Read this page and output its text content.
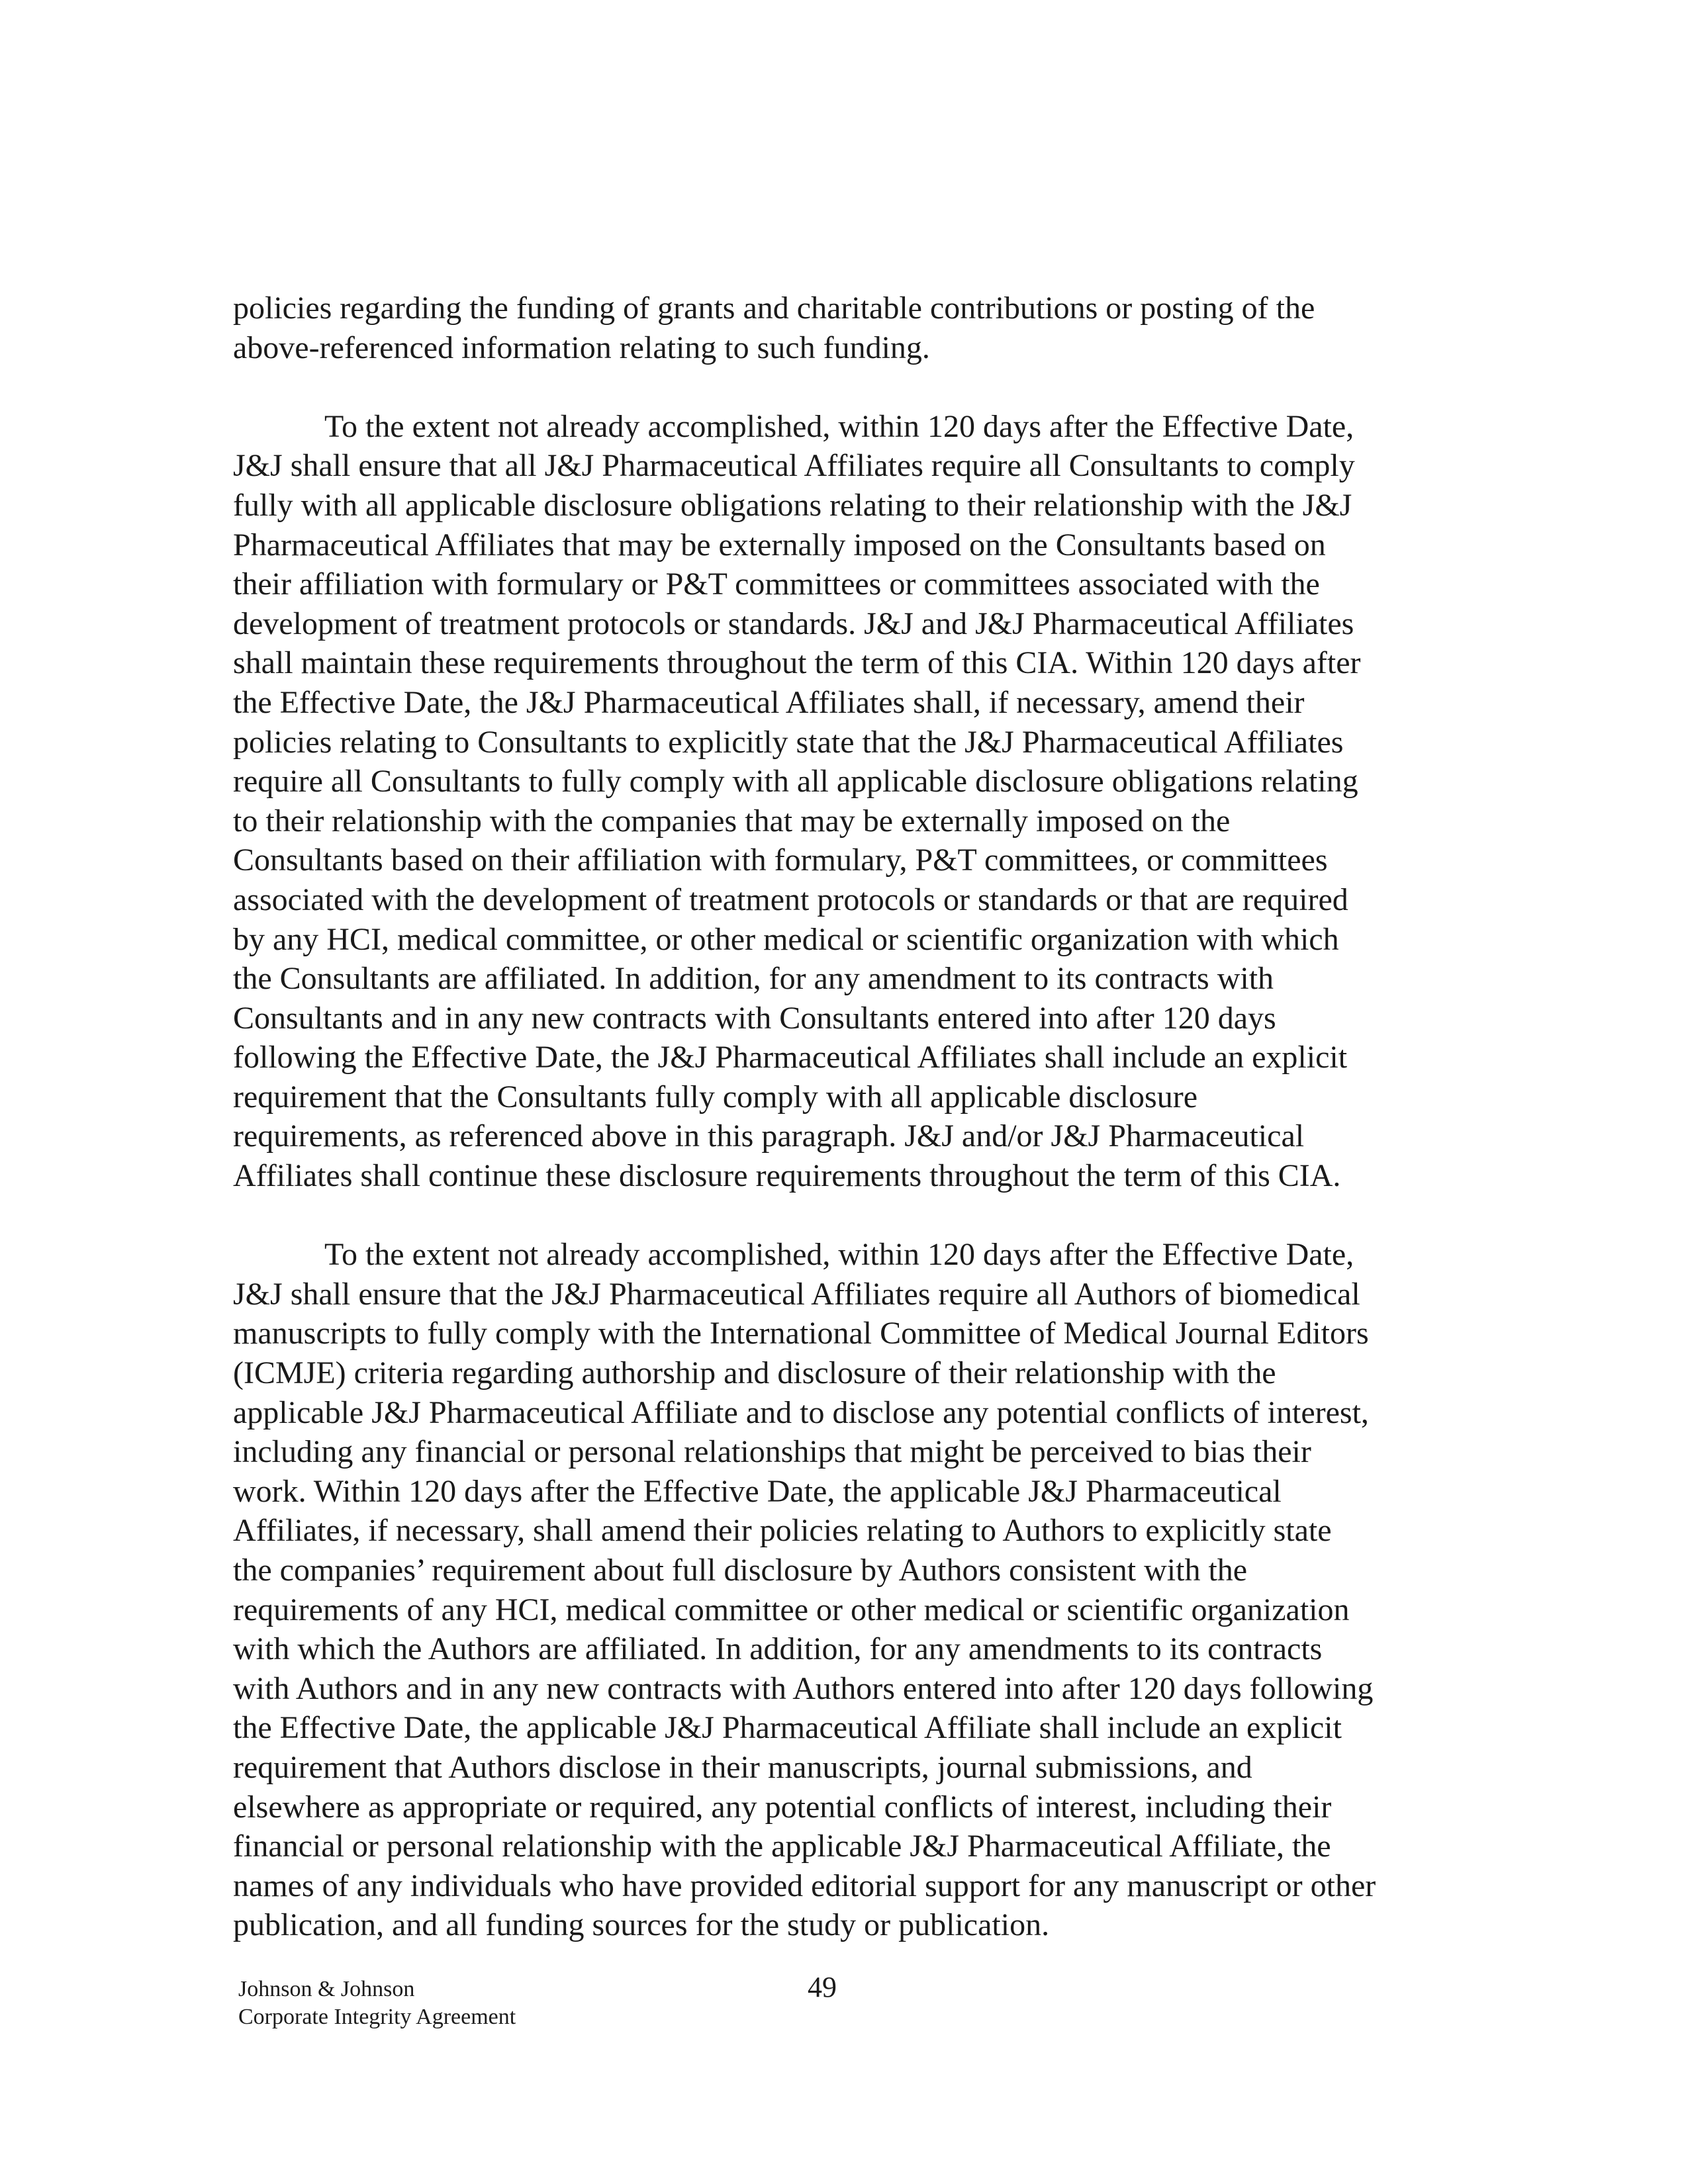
policies regarding the funding of grants and charitable contributions or posting of the
above-referenced information relating to such funding.

To the extent not already accomplished, within 120 days after the Effective Date,
J&J shall ensure that all J&J Pharmaceutical Affiliates require all Consultants to comply
fully with all applicable disclosure obligations relating to their relationship with the J&J
Pharmaceutical Affiliates that may be externally imposed on the Consultants based on
their affiliation with formulary or P&T committees or committees associated with the
development of treatment protocols or standards. J&J and J&J Pharmaceutical Affiliates
shall maintain these requirements throughout the term of this CIA. Within 120 days after
the Effective Date, the J&J Pharmaceutical Affiliates shall, if necessary, amend their
policies relating to Consultants to explicitly state that the J&J Pharmaceutical Affiliates
require all Consultants to fully comply with all applicable disclosure obligations relating
to their relationship with the companies that may be externally imposed on the
Consultants based on their affiliation with formulary, P&T committees, or committees
associated with the development of treatment protocols or standards or that are required
by any HCI, medical committee, or other medical or scientific organization with which
the Consultants are affiliated. In addition, for any amendment to its contracts with
Consultants and in any new contracts with Consultants entered into after 120 days
following the Effective Date, the J&J Pharmaceutical Affiliates shall include an explicit
requirement that the Consultants fully comply with all applicable disclosure
requirements, as referenced above in this paragraph. J&J and/or J&J Pharmaceutical
Affiliates shall continue these disclosure requirements throughout the term of this CIA.

To the extent not already accomplished, within 120 days after the Effective Date,
J&J shall ensure that the J&J Pharmaceutical Affiliates require all Authors of biomedical
manuscripts to fully comply with the International Committee of Medical Journal Editors
(ICMJE) criteria regarding authorship and disclosure of their relationship with the
applicable J&J Pharmaceutical Affiliate and to disclose any potential conflicts of interest,
including any financial or personal relationships that might be perceived to bias their
work. Within 120 days after the Effective Date, the applicable J&J Pharmaceutical
Affiliates, if necessary, shall amend their policies relating to Authors to explicitly state
the companies’ requirement about full disclosure by Authors consistent with the
requirements of any HCI, medical committee or other medical or scientific organization
with which the Authors are affiliated. In addition, for any amendments to its contracts
with Authors and in any new contracts with Authors entered into after 120 days following
the Effective Date, the applicable J&J Pharmaceutical Affiliate shall include an explicit
requirement that Authors disclose in their manuscripts, journal submissions, and
elsewhere as appropriate or required, any potential conflicts of interest, including their
financial or personal relationship with the applicable J&J Pharmaceutical Affiliate, the
names of any individuals who have provided editorial support for any manuscript or other
publication, and all funding sources for the study or publication.

Johnson & Johnson
Corporate Integrity Agreement
49
